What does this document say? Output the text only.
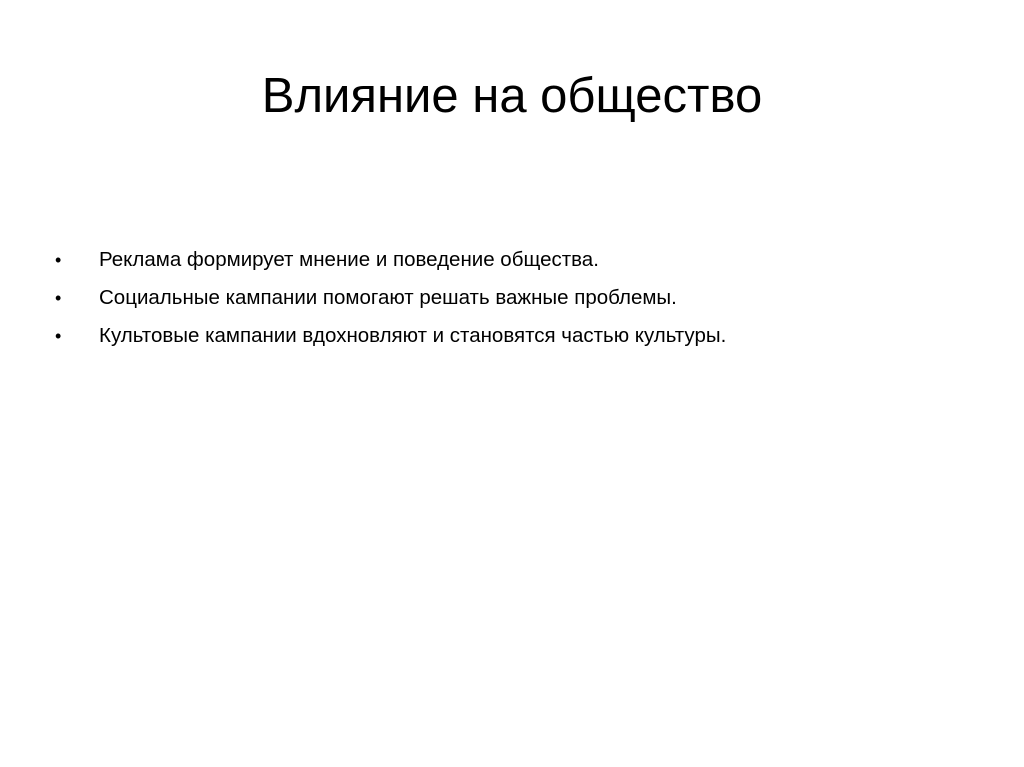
Влияние на общество
•	Реклама формирует мнение и поведение общества.
•	Социальные кампании помогают решать важные проблемы.
•	Культовые кампании вдохновляют и становятся частью культуры.
